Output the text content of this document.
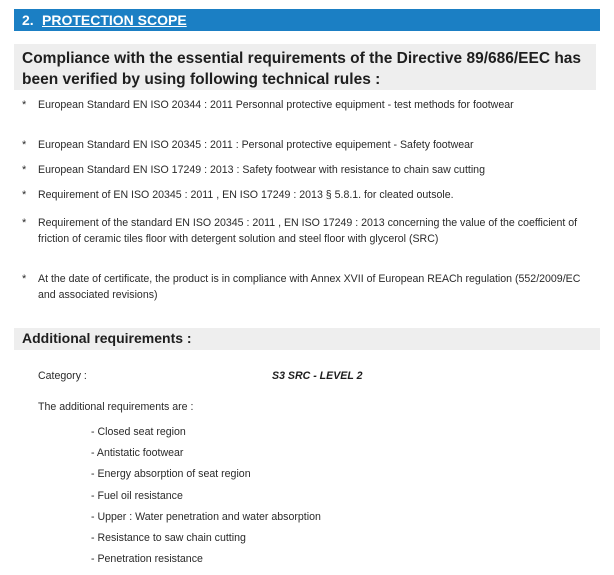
2. PROTECTION SCOPE
Compliance with the essential requirements of the Directive 89/686/EEC has been verified by using following technical rules :
* European Standard EN ISO 20344 : 2011 Personnal protective equipment - test methods for footwear
* European Standard EN ISO 20345 : 2011 : Personal protective equipement - Safety footwear
* European Standard EN ISO 17249 : 2013 : Safety footwear with resistance to chain saw cutting
* Requirement of EN ISO 20345 : 2011 , EN ISO 17249 : 2013 § 5.8.1. for cleated outsole.
* Requirement of the standard EN ISO 20345 : 2011 , EN ISO 17249 : 2013 concerning the value of the coefficient of friction of ceramic tiles floor with detergent solution and steel floor with glycerol (SRC)
* At the date of certificate, the product is in compliance with Annex XVII of European REACh regulation (552/2009/EC and associated revisions)
Additional requirements :
Category :	S3 SRC - LEVEL 2
The additional requirements are :
- Closed seat region
- Antistatic footwear
- Energy absorption of seat region
- Fuel oil resistance
- Upper : Water penetration and water absorption
- Resistance to saw chain cutting
- Penetration resistance
